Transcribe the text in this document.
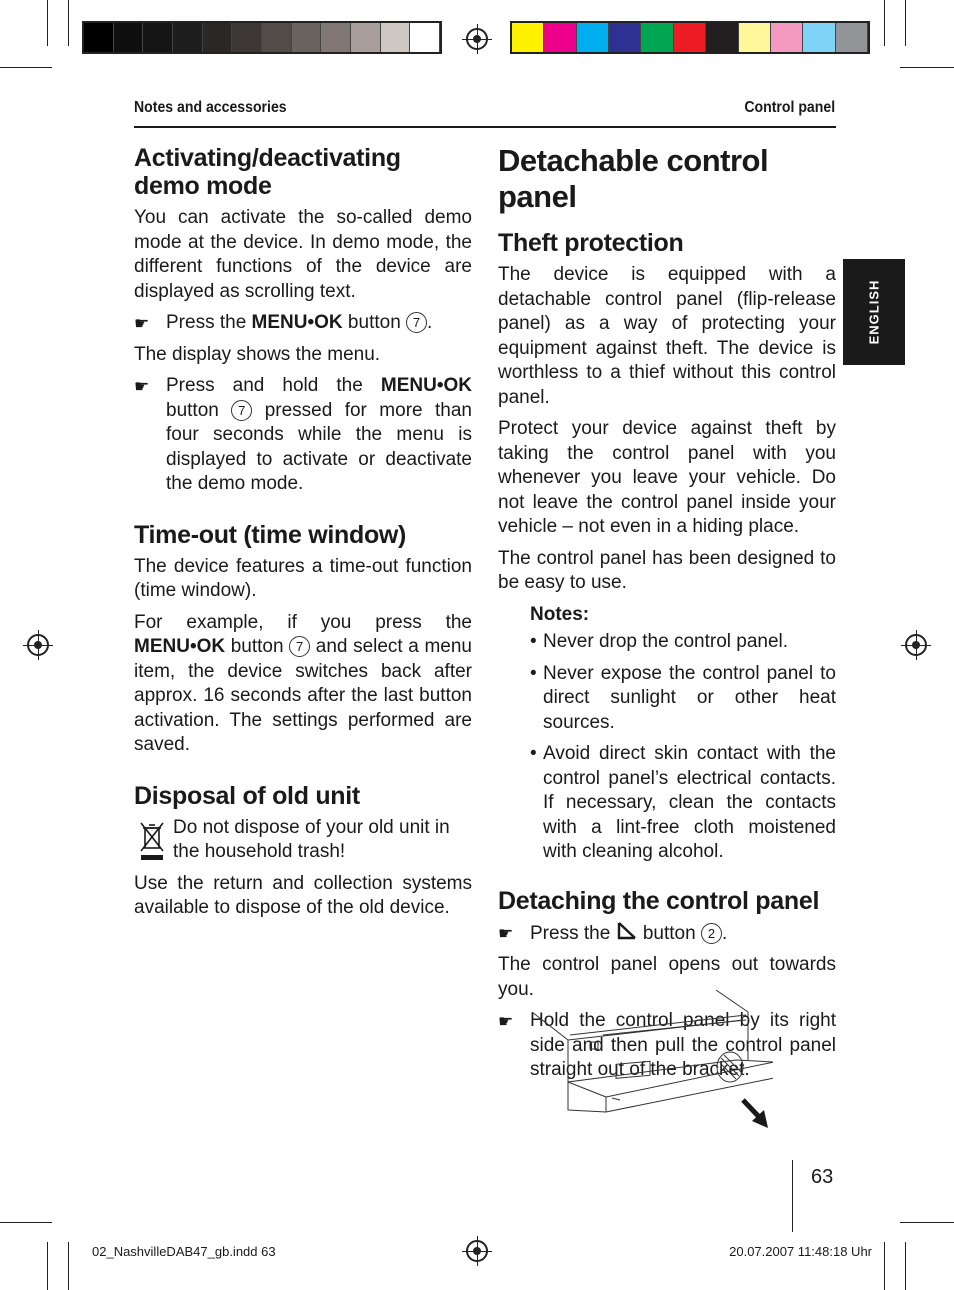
Notes and accessories	Control panel
ENGLISH
Activating/deactivating demo mode

You can activate the so-called demo mode at the device. In demo mode, the different functions of the device are displayed as scrolling text.

☛ Press the MENU•OK button 7 .

The display shows the menu.

☛ Press and hold the MENU•OK button 7 pressed for more than four seconds while the menu is displayed to activate or deactivate the demo mode.
Time-out (time window)

The device features a time-out function (time window).

For example, if you press the MENU•OK button 7 and select a menu item, the device switches back after approx. 16 seconds after the last button activation. The settings performed are saved.

Disposal of old unit
Do not dispose of your old unit in the household trash!

Use the return and collection systems available to dispose of the old device.

Detachable control panel
Theft protection

The device is equipped with a detachable control panel (flip-release panel) as a way of protecting your equipment against theft. The device is worthless to a thief without this control panel.

Protect your device against theft by taking the control panel with you whenever you leave your vehicle. Do not leave the control panel inside your vehicle – not even in a hiding place.

The control panel has been designed to be easy to use.

Notes:
• Never drop the control panel.
• Never expose the control panel to direct sunlight or other heat sources.
• Avoid direct skin contact with the control panel’s electrical contacts. If necessary, clean the contacts with a lint-free cloth moistened with cleaning alcohol.
Detaching the control panel
☛ Press the  button 2 .

The control panel opens out towards you.

☛ Hold the control panel by its right side and then pull the control panel straight out of the bracket.
63
02_NashvilleDAB47_gb.indd 63	20.07.2007 11:48:18 Uhr
